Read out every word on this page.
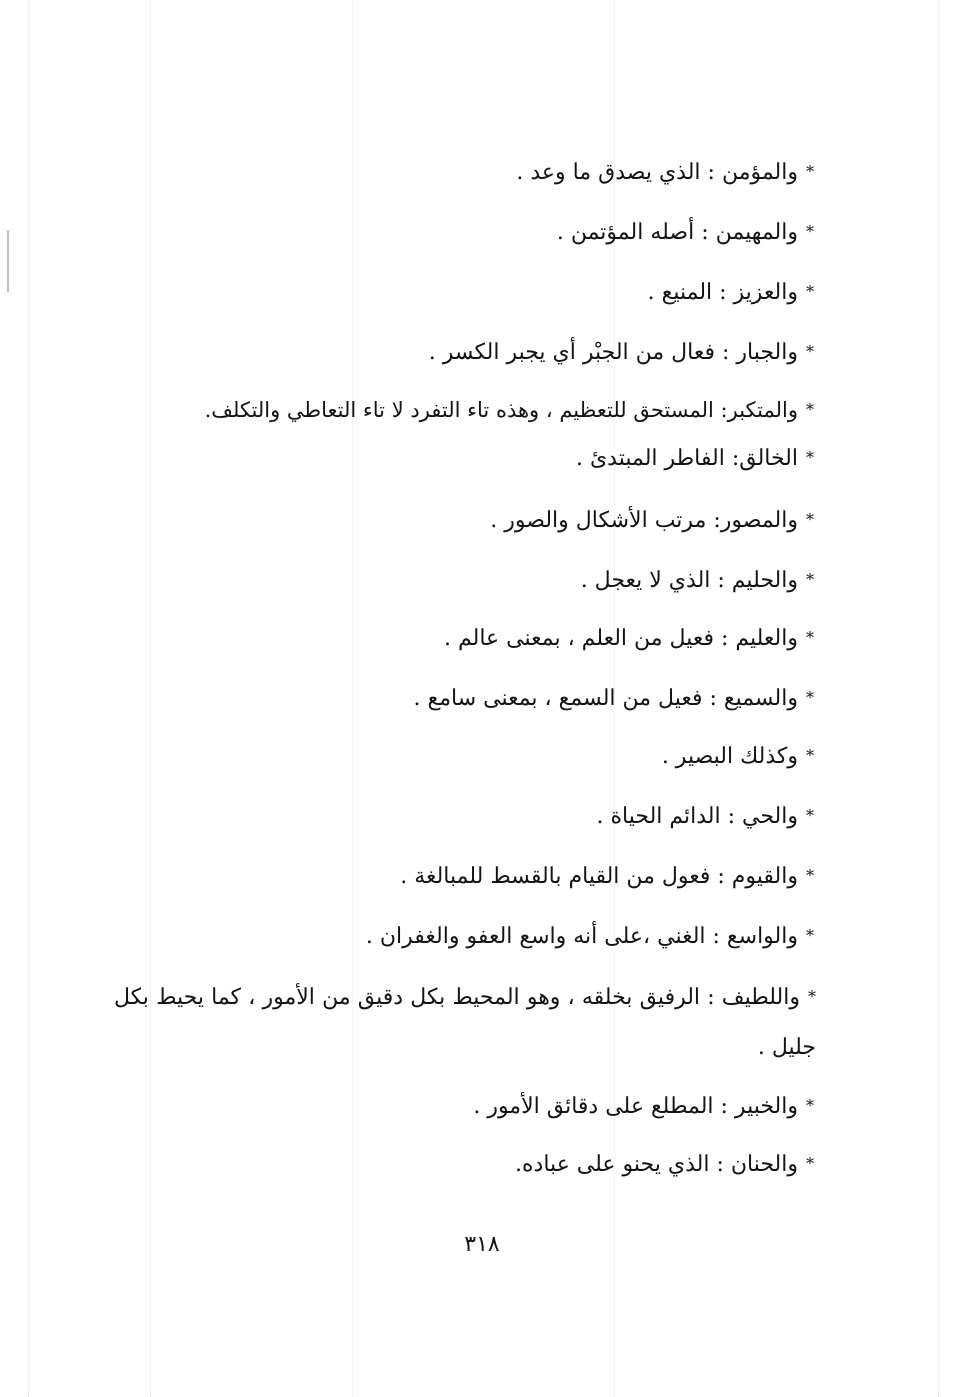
*والمؤمن : الذي يصدق ما وعد .
*والمهيمن : أصله المؤتمن .
*والعزيز : المنيع .
*والجبار : فعال من الجبْر أي يجبر الكسر .
*والمتكبر: المستحق للتعظيم ، وهذه تاء التفرد لا تاء التعاطي والتكلف.
*الخالق: الفاطر المبتدئ .
*والمصور: مرتب الأشكال والصور .
*والحليم : الذي لا يعجل .
*والعليم : فعيل من العلم ، بمعنى عالم .
*والسميع : فعيل من السمع ، بمعنى سامع .
*وكذلك البصير .
*والحي : الدائم الحياة .
*والقيوم : فعول من القيام بالقسط للمبالغة .
*والواسع : الغني ،على أنه واسع العفو والغفران .
*واللطيف : الرفيق بخلقه ، وهو المحيط بكل دقيق من الأمور ، كما يحيط بكل جليل .
*والخبير : المطلع على دقائق الأمور .
*والحنان : الذي يحنو على عباده.
٣١٨
